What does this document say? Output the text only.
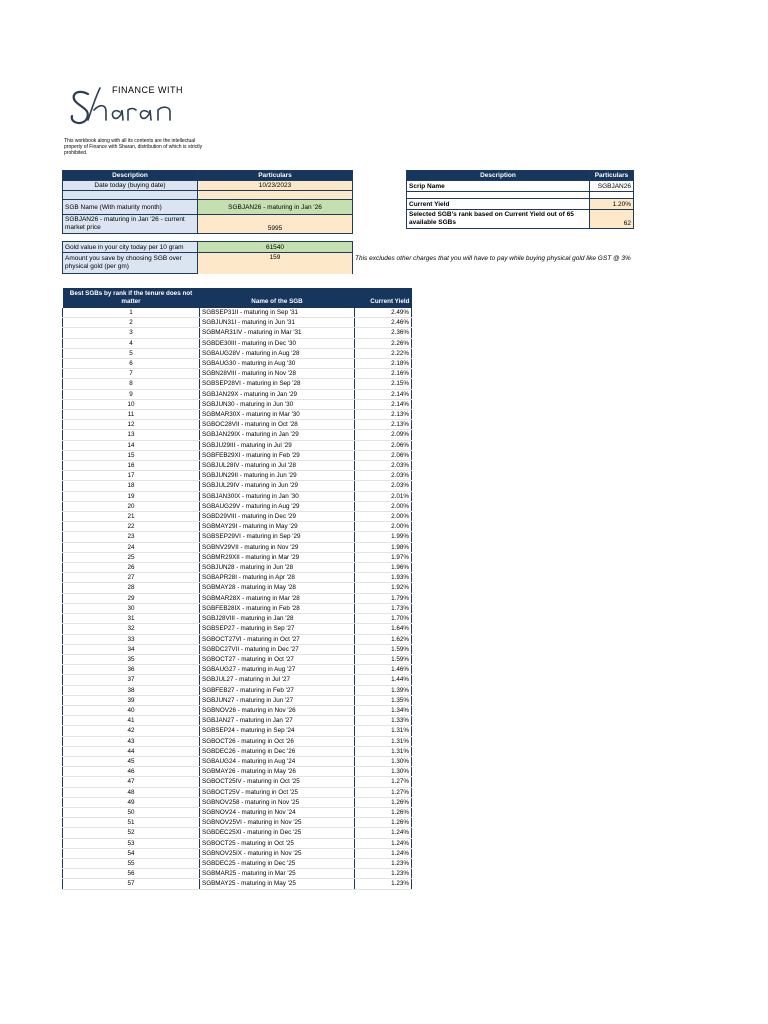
FINANCE WITH
This workbook along with all its contents are the intellectual property of Finance with Sharan, distribution of which is strictly prohibited.
Description	Particulars
Date today (buying date)	10/23/2023

SGB Name (With maturity month)	SGBJAN26 - maturing in Jan '26
SGBJAN26 - maturing in Jan '26 - current market price	5995
Gold value in your city today per 10 gram	61540
Amount you save by choosing SGB over physical gold (per gm)	159	This excludes other charges that you will have to pay while buying physical gold like GST @ 3%
Description	Particulars
Scrip Name	SGBJAN26

Current Yield	1.20%
Selected SGB's rank based on Current Yield out of 65 available SGBs	62
Best SGBs by rank if the tenure does not matter	Name of the SGB	Current Yield
1	SGBSEP31II - maturing in Sep '31	2.49%
2	SGBJUN31I - maturing in Jun '31	2.46%
3	SGBMAR31IV - maturing in Mar '31	2.36%
4	SGBDE30III - maturing in Dec '30	2.26%
5	SGBAUG28V - maturing in Aug '28	2.22%
6	SGBAUG30 - maturing in Aug '30	2.18%
7	SGBN28VIII - maturing in Nov '28	2.16%
8	SGBSEP28VI - maturing in Sep '28	2.15%
9	SGBJAN29X - maturing in Jan '29	2.14%
10	SGBJUN30 - maturing in Jun '30	2.14%
11	SGBMAR30X - maturing in Mar '30	2.13%
12	SGBOC28VII - maturing in Oct '28	2.13%
13	SGBJAN29IX - maturing in Jan '29	2.09%
14	SGBJU29III - maturing in Jul '29	2.06%
15	SGBFEB29XI - maturing in Feb '29	2.06%
16	SGBJUL28IV - maturing in Jul '28	2.03%
17	SGBJUN29II - maturing in Jun '29	2.03%
18	SGBJUL29IV - maturing in Jun '29	2.03%
19	SGBJAN30IX - maturing in Jan '30	2.01%
20	SGBAUG29V - maturing in Aug '29	2.00%
21	SGBD29VIII - maturing in Dec '29	2.00%
22	SGBMAY29I - maturing in May '29	2.00%
23	SGBSEP29VI - maturing in Sep '29	1.99%
24	SGBNV29VII - maturing in Nov '29	1.98%
25	SGBMR29XII - maturing in Mar '29	1.97%
26	SGBJUN28 - maturing in Jun '28	1.96%
27	SGBAPR28I - maturing in Apr '28	1.93%
28	SGBMAY28 - maturing in May '28	1.92%
29	SGBMAR28X - maturing in Mar '28	1.79%
30	SGBFEB28IX - maturing in Feb '28	1.73%
31	SGBJ28VIII - maturing in Jan '28	1.70%
32	SGBSEP27 - maturing in Sep '27	1.64%
33	SGBOCT27VI - maturing in Oct '27	1.62%
34	SGBDC27VII - maturing in Dec '27	1.59%
35	SGBOCT27 - maturing in Oct '27	1.59%
36	SGBAUG27 - maturing in Aug '27	1.46%
37	SGBJUL27 - maturing in Jul '27	1.44%
38	SGBFEB27 - maturing in Feb '27	1.39%
39	SGBJUN27 - maturing in Jun '27	1.35%
40	SGBNOV26 - maturing in Nov '26	1.34%
41	SGBJAN27 - maturing in Jan '27	1.33%
42	SGBSEP24 - maturing in Sep '24	1.31%
43	SGBOCT26 - maturing in Oct '26	1.31%
44	SGBDEC26 - maturing in Dec '26	1.31%
45	SGBAUG24 - maturing in Aug '24	1.30%
46	SGBMAY26 - maturing in May '26	1.30%
47	SGBOCT25IV - maturing in Oct '25	1.27%
48	SGBOCT25V - maturing in Oct '25	1.27%
49	SGBNOV258 - maturing in Nov '25	1.26%
50	SGBNOV24 - maturing in Nov '24	1.26%
51	SGBNOV25VI - maturing in Nov '25	1.26%
52	SGBDEC25XI - maturing in Dec '25	1.24%
53	SGBOCT25 - maturing in Oct '25	1.24%
54	SGBNOV25IX - maturing in Nov '25	1.24%
55	SGBDEC25 - maturing in Dec '25	1.23%
56	SGBMAR25 - maturing in Mar '25	1.23%
57	SGBMAY25 - maturing in May '25	1.23%
